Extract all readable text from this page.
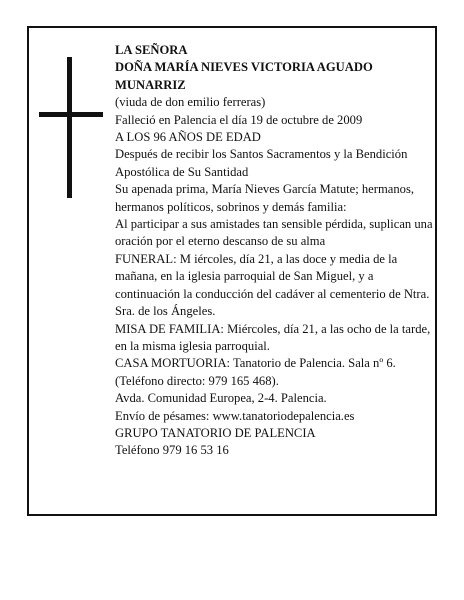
LA SEÑORA
DOÑA MARÍA NIEVES VICTORIA AGUADO MUNARRIZ
(viuda de don emilio ferreras)
Falleció en Palencia el día 19 de octubre de 2009
A LOS 96 AÑOS DE EDAD
Después de recibir los Santos Sacramentos y la Bendición Apostólica de Su Santidad
Su apenada prima, María Nieves García Matute; hermanos, hermanos políticos, sobrinos y demás familia:
Al participar a sus amistades tan sensible pérdida, suplican una oración por el eterno descanso de su alma
FUNERAL: M iércoles, día 21, a las doce y media de la mañana, en la iglesia parroquial de San Miguel, y a continuación la conducción del cadáver al cementerio de Ntra. Sra. de los Ángeles.
MISA DE FAMILIA: Miércoles, día 21, a las ocho de la tarde, en la misma iglesia parroquial.
CASA MORTUORIA: Tanatorio de Palencia. Sala nº 6. (Teléfono directo: 979 165 468).
Avda. Comunidad Europea, 2-4. Palencia.
Envío de pésames: www.tanatoriodepalencia.es
GRUPO TANATORIO DE PALENCIA
Teléfono 979 16 53 16
